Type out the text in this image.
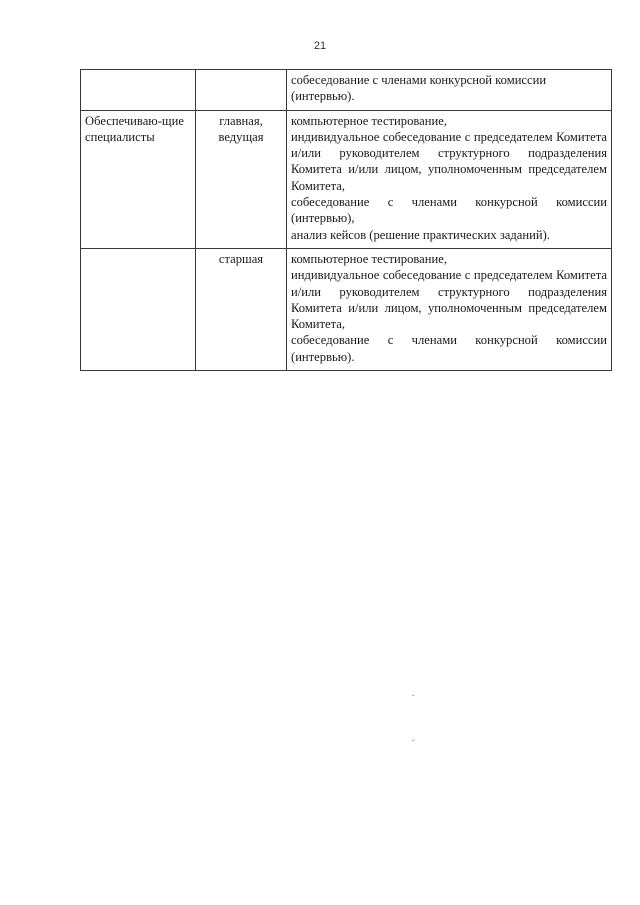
21

		собеседование с членами конкурсной комиссии
(интервью).

Обеспечиваю-щие специалисты	главная, ведущая	компьютерное тестирование,
индивидуальное собеседование с председателем Комитета и/или руководителем структурного подразделения Комитета и/или лицом, уполномоченным председателем Комитета,
собеседование с членами конкурсной комиссии (интервью),
анализ кейсов (решение практических заданий).

	старшая	компьютерное тестирование,
индивидуальное собеседование с председателем Комитета и/или руководителем структурного подразделения Комитета и/или лицом, уполномоченным председателем Комитета,
собеседование с членами конкурсной комиссии (интервью).
.
.
